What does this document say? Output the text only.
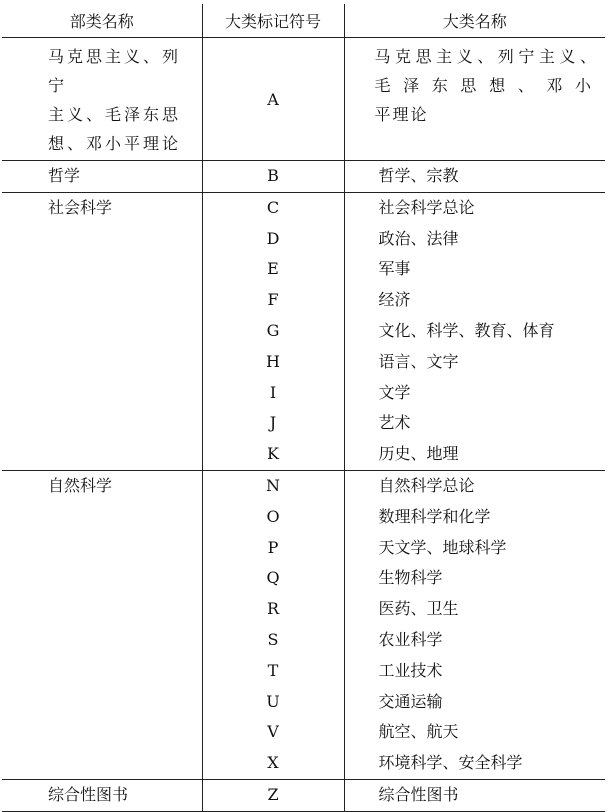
部类名称	大类标记符号	大类名称

马克思主义、列宁
主义、毛泽东思
想、邓小平理论	A	马克思主义、列宁主义、
毛泽东思想、邓小
平理论

哲学	B	哲学、宗教

社会科学	C	社会科学总论

	D	政治、法律

	E	军事

	F	经济

	G	文化、科学、教育、体育

	H	语言、文字

	I	文学

	J	艺术

	K	历史、地理

自然科学	N	自然科学总论

	O	数理科学和化学

	P	天文学、地球科学

	Q	生物科学

	R	医药、卫生

	S	农业科学

	T	工业技术

	U	交通运输

	V	航空、航天

	X	环境科学、安全科学

综合性图书	Z	综合性图书
